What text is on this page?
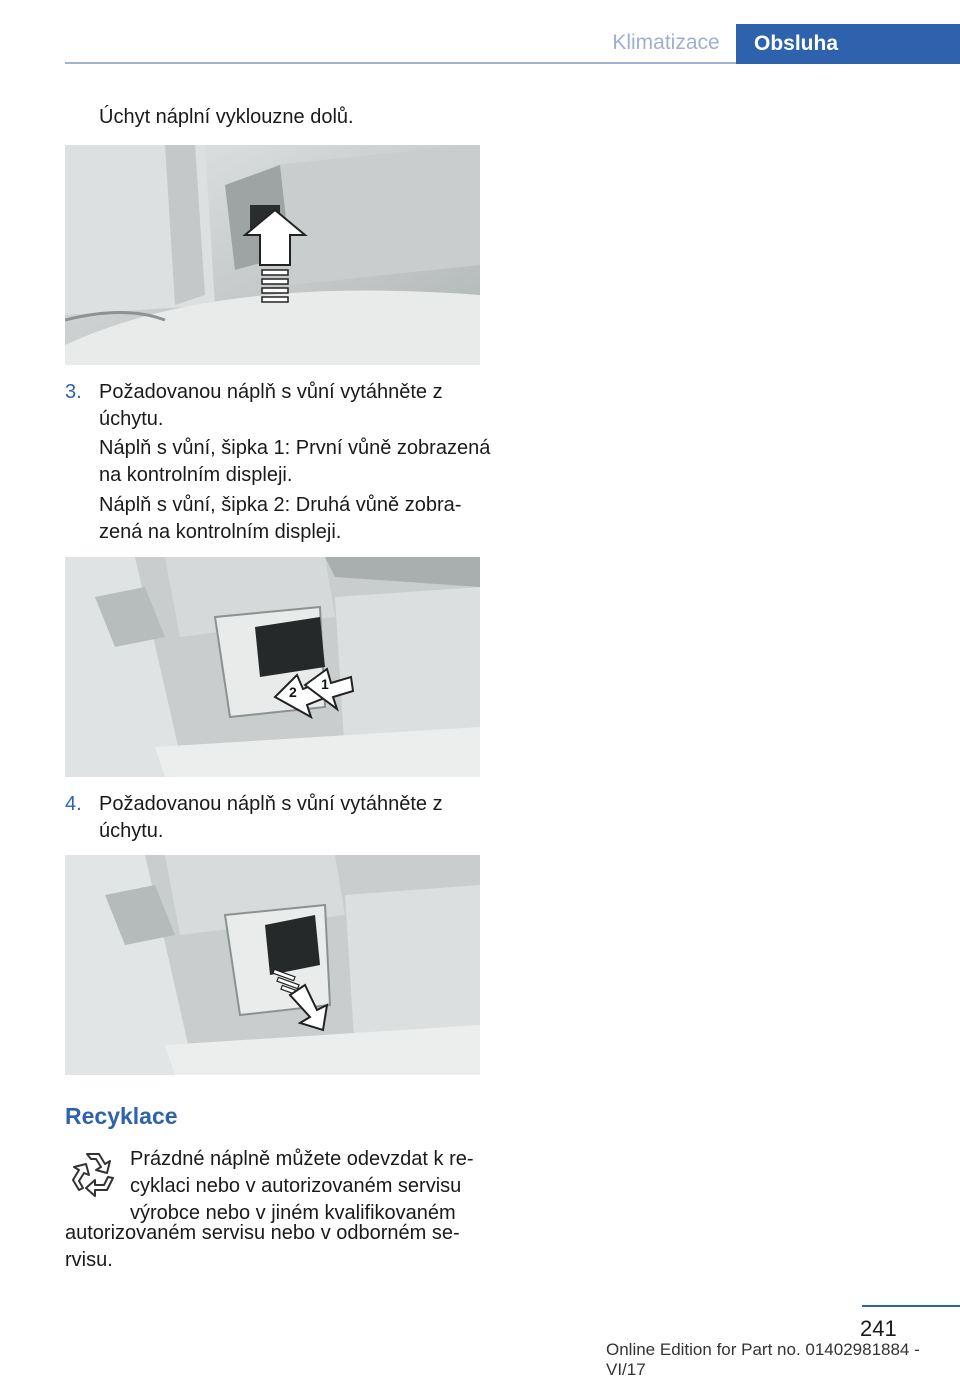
Klimatizace	Obsluha
Úchyt náplní vyklouzne dolů.
3. Požadovanou náplň s vůní vytáhněte z
úchytu.
Náplň s vůní, šipka 1: První vůně zobrazená
na kontrolním displeji.
Náplň s vůní, šipka 2: Druhá vůně zobra‐
zená na kontrolním displeji.
2 1
4. Požadovanou náplň s vůní vytáhněte z
úchytu.
Recyklace
Prázdné náplně můžete odevzdat k re‐
cyklaci nebo v autorizovaném servisu
výrobce nebo v jiném kvalifikovaném
autorizovaném servisu nebo v odborném se‐
rvisu.
241
Online Edition for Part no. 01402981884 - VI/17
